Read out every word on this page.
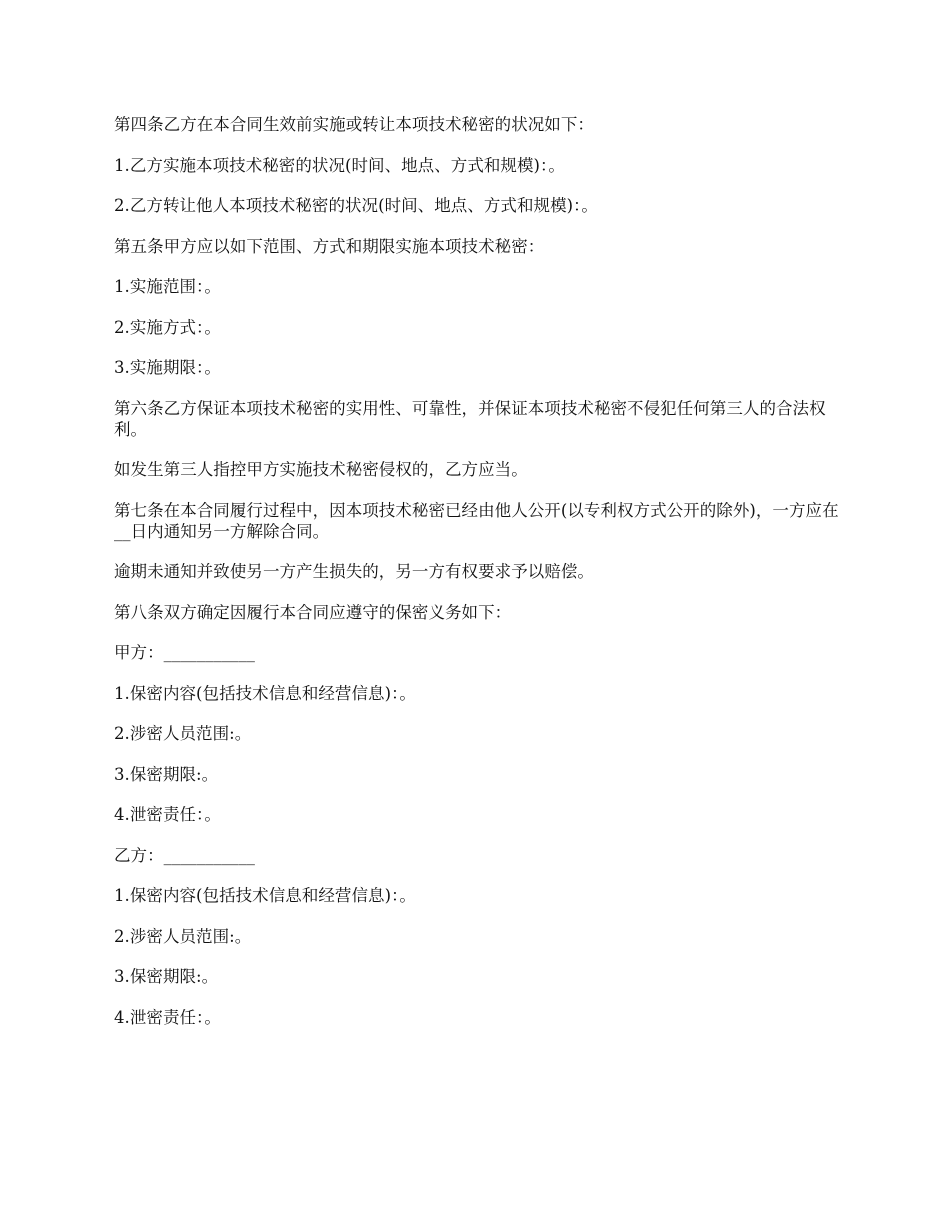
第四条乙方在本合同生效前实施或转让本项技术秘密的状况如下：

1.乙方实施本项技术秘密的状况(时间、地点、方式和规模)：。

2.乙方转让他人本项技术秘密的状况(时间、地点、方式和规模)：。

第五条甲方应以如下范围、方式和期限实施本项技术秘密：

1.实施范围：。

2.实施方式：。

3.实施期限：。

第六条乙方保证本项技术秘密的实用性、可靠性，并保证本项技术秘密不侵犯任何第三人的合法权利。

如发生第三人指控甲方实施技术秘密侵权的，乙方应当。

第七条在本合同履行过程中，因本项技术秘密已经由他人公开(以专利权方式公开的除外)，一方应在__日内通知另一方解除合同。

逾期未通知并致使另一方产生损失的，另一方有权要求予以赔偿。

第八条双方确定因履行本合同应遵守的保密义务如下：

甲方：___________

1.保密内容(包括技术信息和经营信息)：。

2.涉密人员范围:。

3.保密期限:。

4.泄密责任：。

乙方：___________

1.保密内容(包括技术信息和经营信息)：。

2.涉密人员范围:。

3.保密期限:。

4.泄密责任：。
